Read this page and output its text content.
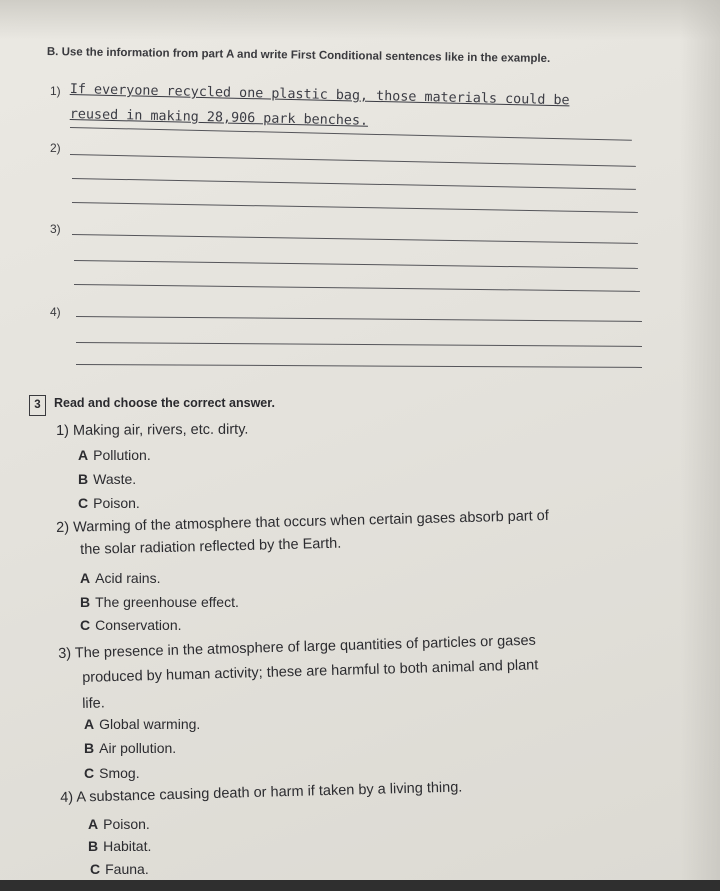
B. Use the information from part A and write First Conditional sentences like in the example.
1) If everyone recycled one plastic bag, those materials could be
reused in making 28,906 park benches.
2)
3)
4)
3	Read and choose the correct answer.
1) Making air, rivers, etc. dirty.
A Pollution.
B Waste.
C Poison.
2) Warming of the atmosphere that occurs when certain gases absorb part of
the solar radiation reflected by the Earth.
A Acid rains.
B The greenhouse effect.
C Conservation.
3) The presence in the atmosphere of large quantities of particles or gases
produced by human activity; these are harmful to both animal and plant
life.
A Global warming.
B Air pollution.
C Smog.
4) A substance causing death or harm if taken by a living thing.
A Poison.
B Habitat.
C Fauna.
